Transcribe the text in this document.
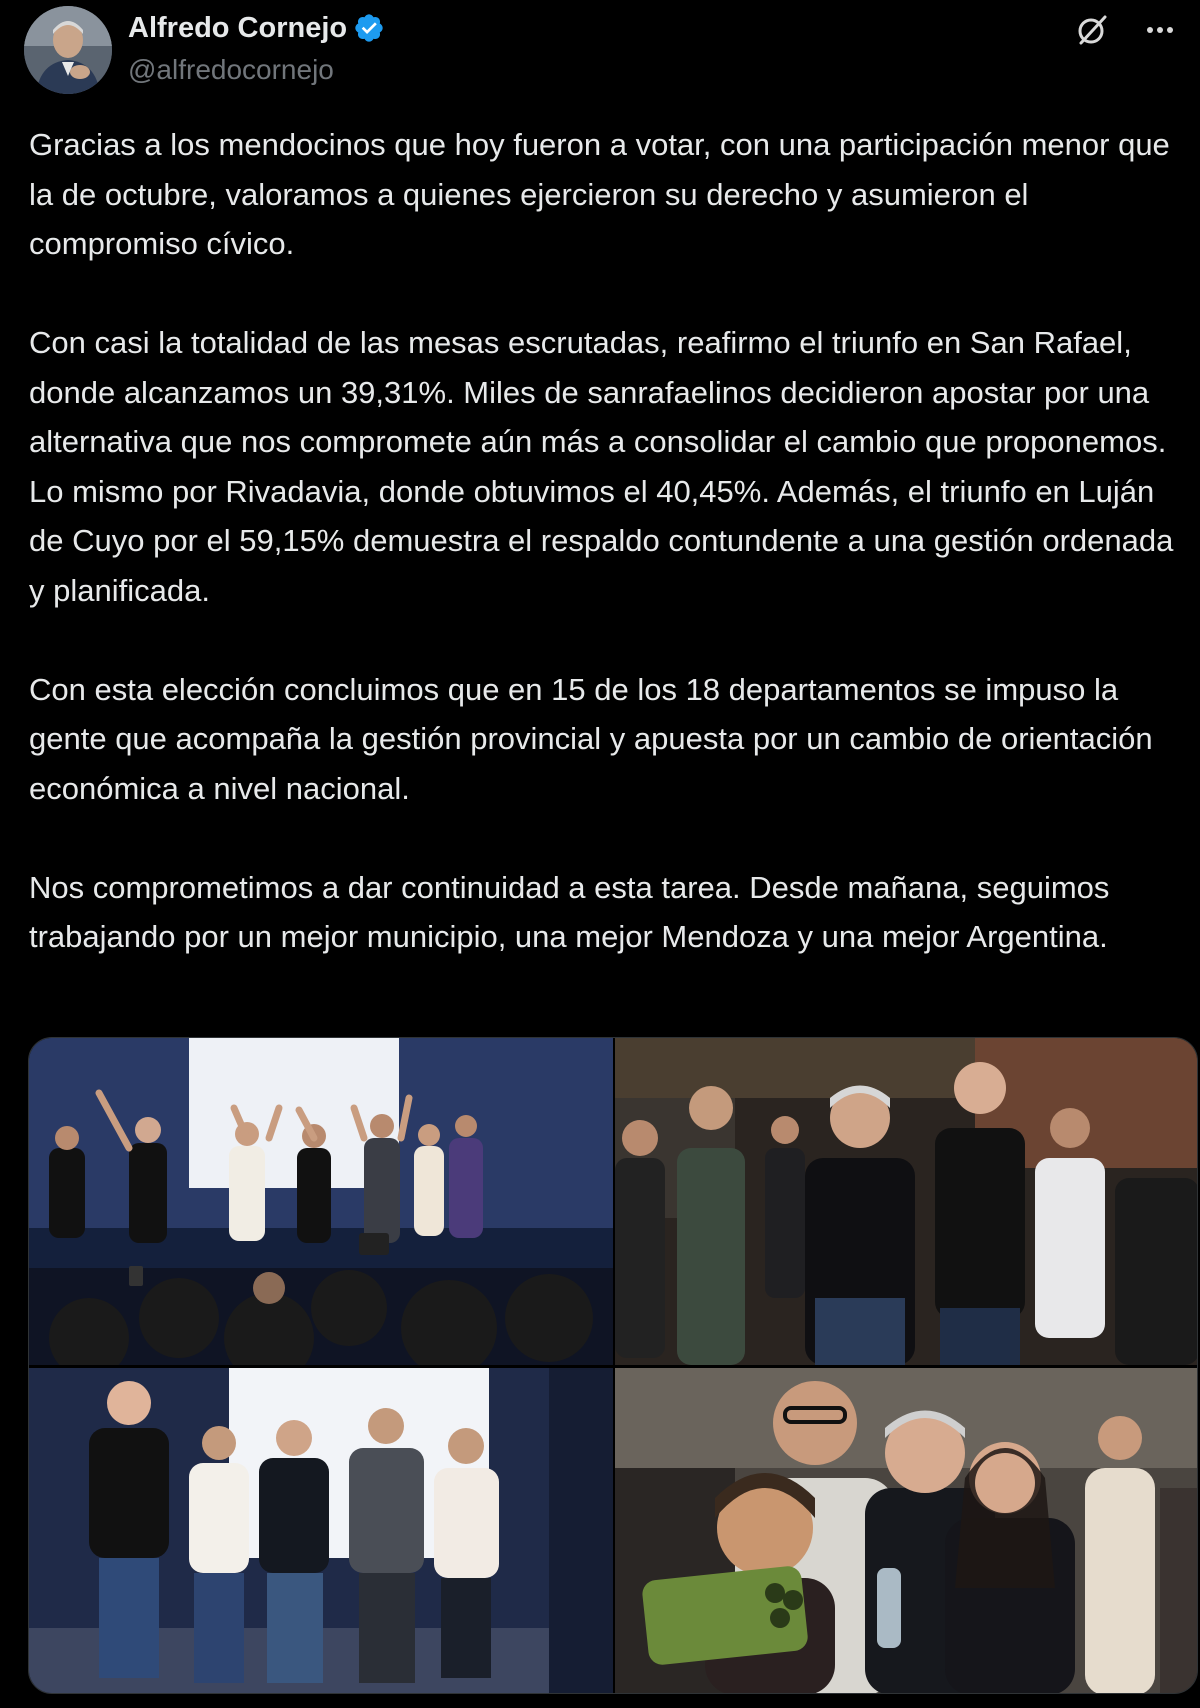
Alfredo Cornejo
@alfredocornejo

Gracias a los mendocinos que hoy fueron a votar, con una participación menor que la de octubre, valoramos a quienes ejercieron su derecho y asumieron el compromiso cívico.

Con casi la totalidad de las mesas escrutadas, reafirmo el triunfo en San Rafael, donde alcanzamos un 39,31%. Miles de sanrafaelinos decidieron apostar por una alternativa que nos compromete aún más a consolidar el cambio que proponemos. Lo mismo por Rivadavia, donde obtuvimos el 40,45%. Además, el triunfo en Luján de Cuyo por el 59,15% demuestra el respaldo contundente a una gestión ordenada y planificada.

Con esta elección concluimos que en 15 de los 18 departamentos se impuso la gente que acompaña la gestión provincial y apuesta por un cambio de orientación económica a nivel nacional.

Nos comprometimos a dar continuidad a esta tarea. Desde mañana, seguimos trabajando por un mejor municipio, una mejor Mendoza y una mejor Argentina.
